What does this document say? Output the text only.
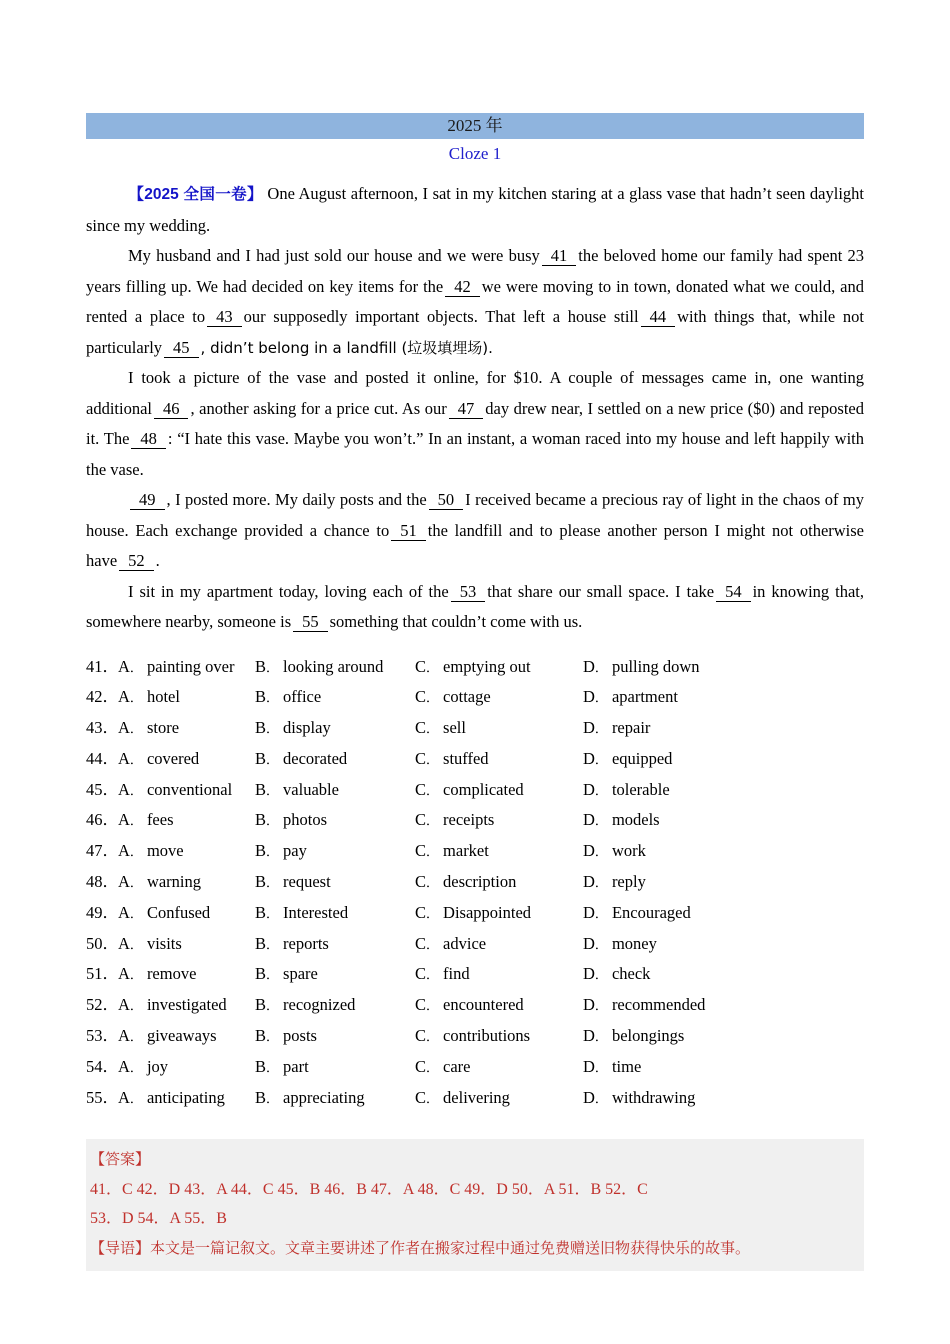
2025 年
Cloze 1

【2025 全国一卷】 One August afternoon, I sat in my kitchen staring at a glass vase that hadn’t seen daylight since my wedding.

My husband and I had just sold our house and we were busy 41 the beloved home our family had spent 23 years filling up. We had decided on key items for the 42 we were moving to in town, donated what we could, and rented a place to 43 our supposedly important objects. That left a house still 44 with things that, while not particularly 45 , didn’t belong in a landfill (垃圾填埋场).

I took a picture of the vase and posted it online, for $10. A couple of messages came in, one wanting additional 46 , another asking for a price cut. As our 47 day drew near, I settled on a new price ($0) and reposted it. The 48 : “I hate this vase. Maybe you won’t.” In an instant, a woman raced into my house and left happily with the vase.

49 , I posted more. My daily posts and the 50 I received became a precious ray of light in the chaos of my house. Each exchange provided a chance to 51 the landfill and to please another person I might not otherwise have 52 .

I sit in my apartment today, loving each of the 53 that share our small space. I take 54 in knowing that, somewhere nearby, someone is 55 something that couldn’t come with us.

41． A ． painting over B ． looking around C ． emptying out	D ． pulling down
42． A ． hotel	B ． office	C ． cottage	D ． apartment
43． A ． store	B ． display	C ． sell	D ． repair
44． A ． covered	B ． decorated	C ． stuffed	D ． equipped
45． A ． conventional B ． valuable	C ． complicated	D ． tolerable
46． A ． fees	B ． photos	C ． receipts	D ． models
47． A ． move	B ． pay	C ． market	D ． work
48． A ． warning	B ． request	C ． description	D ． reply
49． A ． Confused	B ． Interested	C ． Disappointed	D ． Encouraged
50． A ． visits	B ． reports	C ． advice	D ． money
51． A ． remove	B ． spare	C ． find	D ． check
52． A ． investigated B ． recognized	C ． encountered	D ． recommended
53． A ． giveaways B ． posts	C ． contributions	D ． belongings
54． A ． joy	B ． part	C ． care	D ． time
55． A ． anticipating B ． appreciating	C ． delivering	D ． withdrawing
【答案】
41．C 42．D 43．A 44．C 45．B 46．B 47．A 48．C 49．D 50．A 51．B 52．C
53．D 54．A 55．B
【导语】本文是一篇记叙文。文章主要讲述了作者在搬家过程中通过免费赠送旧物获得快乐的故事。
